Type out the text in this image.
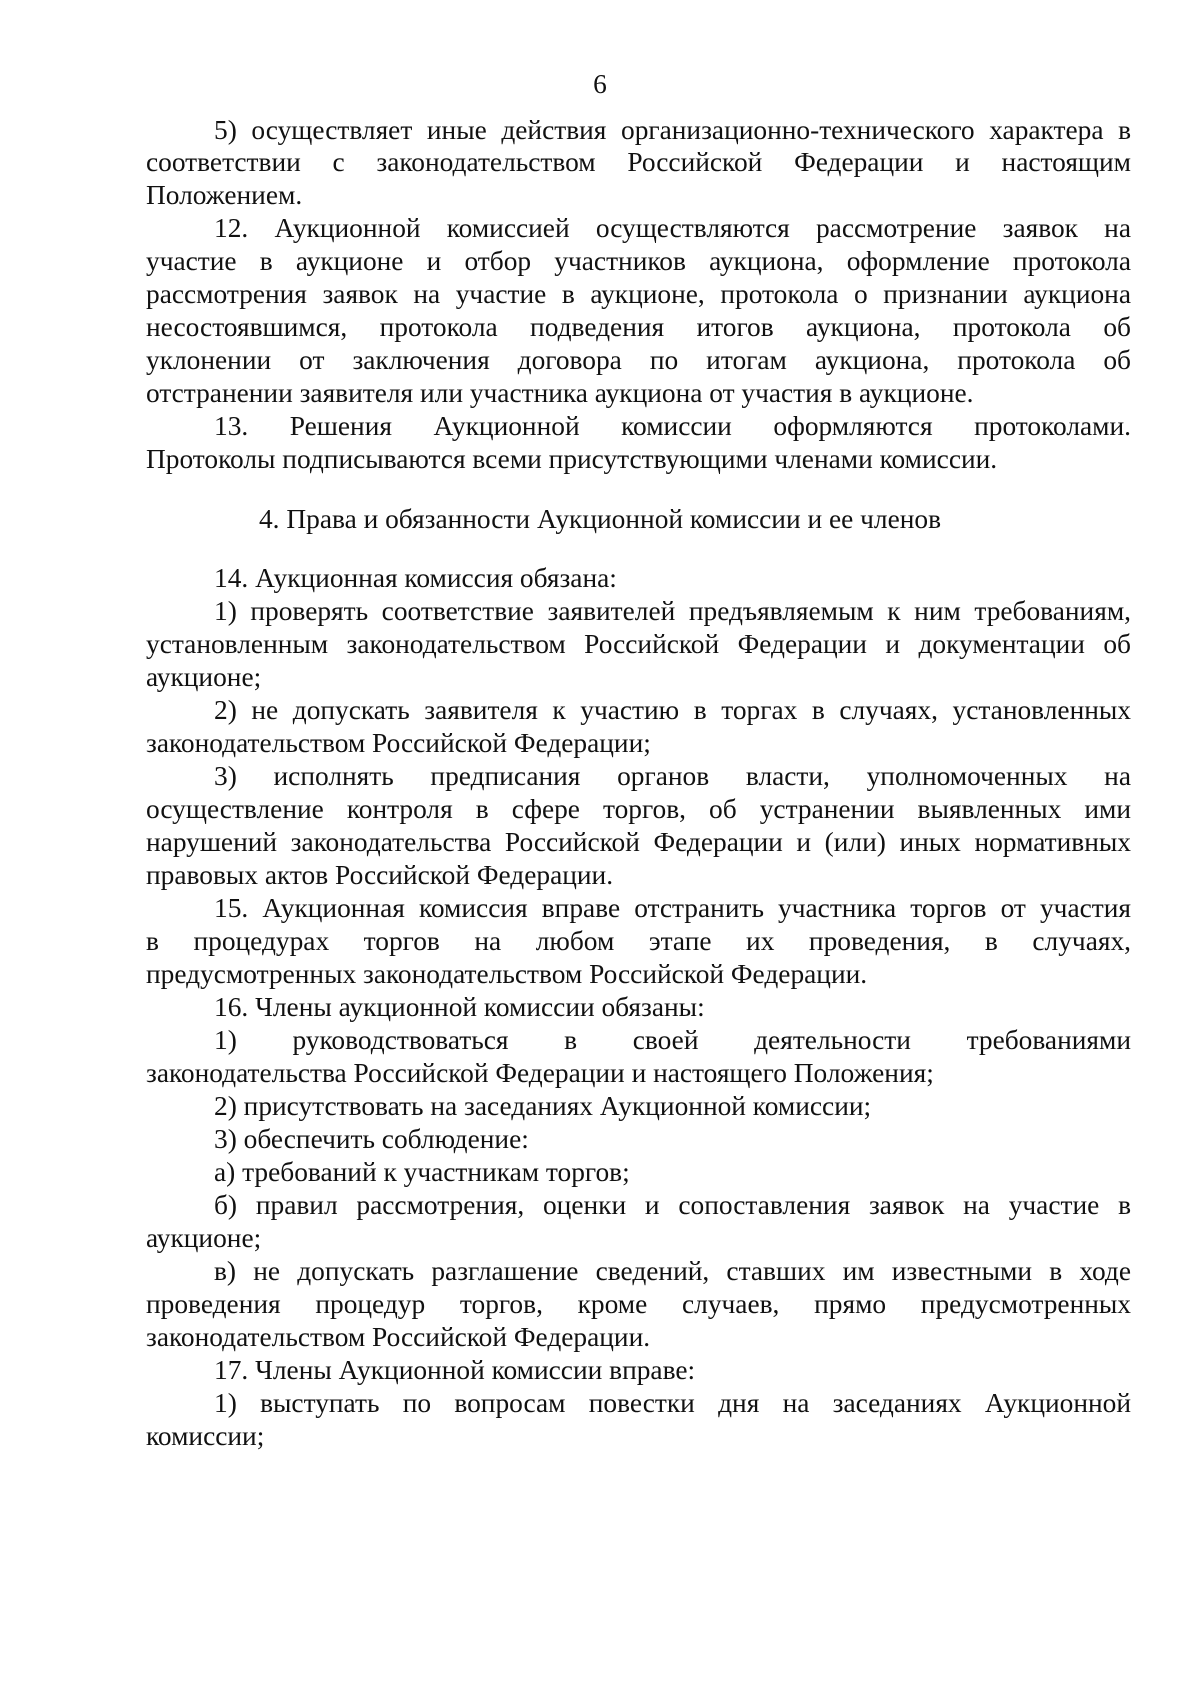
6
5) осуществляет иные действия организационно-технического характера в
соответствии с законодательством Российской Федерации и настоящим
Положением.
12. Аукционной комиссией осуществляются рассмотрение заявок на
участие в аукционе и отбор участников аукциона, оформление протокола
рассмотрения заявок на участие в аукционе, протокола о признании аукциона
несостоявшимся, протокола подведения итогов аукциона, протокола об
уклонении от заключения договора по итогам аукциона, протокола об
отстранении заявителя или участника аукциона от участия в аукционе.
13. Решения Аукционной комиссии оформляются протоколами.
Протоколы подписываются всеми присутствующими членами комиссии.
4. Права и обязанности Аукционной комиссии и ее членов
14. Аукционная комиссия обязана:
1) проверять соответствие заявителей предъявляемым к ним требованиям,
установленным законодательством Российской Федерации и документации об
аукционе;
2) не допускать заявителя к участию в торгах в случаях, установленных
законодательством Российской Федерации;
3) исполнять предписания органов власти, уполномоченных на
осуществление контроля в сфере торгов, об устранении выявленных ими
нарушений законодательства Российской Федерации и (или) иных нормативных
правовых актов Российской Федерации.
15. Аукционная комиссия вправе отстранить участника торгов от участия
в процедурах торгов на любом этапе их проведения, в случаях,
предусмотренных законодательством Российской Федерации.
16. Члены аукционной комиссии обязаны:
1) руководствоваться в своей деятельности требованиями
законодательства Российской Федерации и настоящего Положения;
2) присутствовать на заседаниях Аукционной комиссии;
3) обеспечить соблюдение:
а) требований к участникам торгов;
б) правил рассмотрения, оценки и сопоставления заявок на участие в
аукционе;
в) не допускать разглашение сведений, ставших им известными в ходе
проведения процедур торгов, кроме случаев, прямо предусмотренных
законодательством Российской Федерации.
17. Члены Аукционной комиссии вправе:
1) выступать по вопросам повестки дня на заседаниях Аукционной
комиссии;
